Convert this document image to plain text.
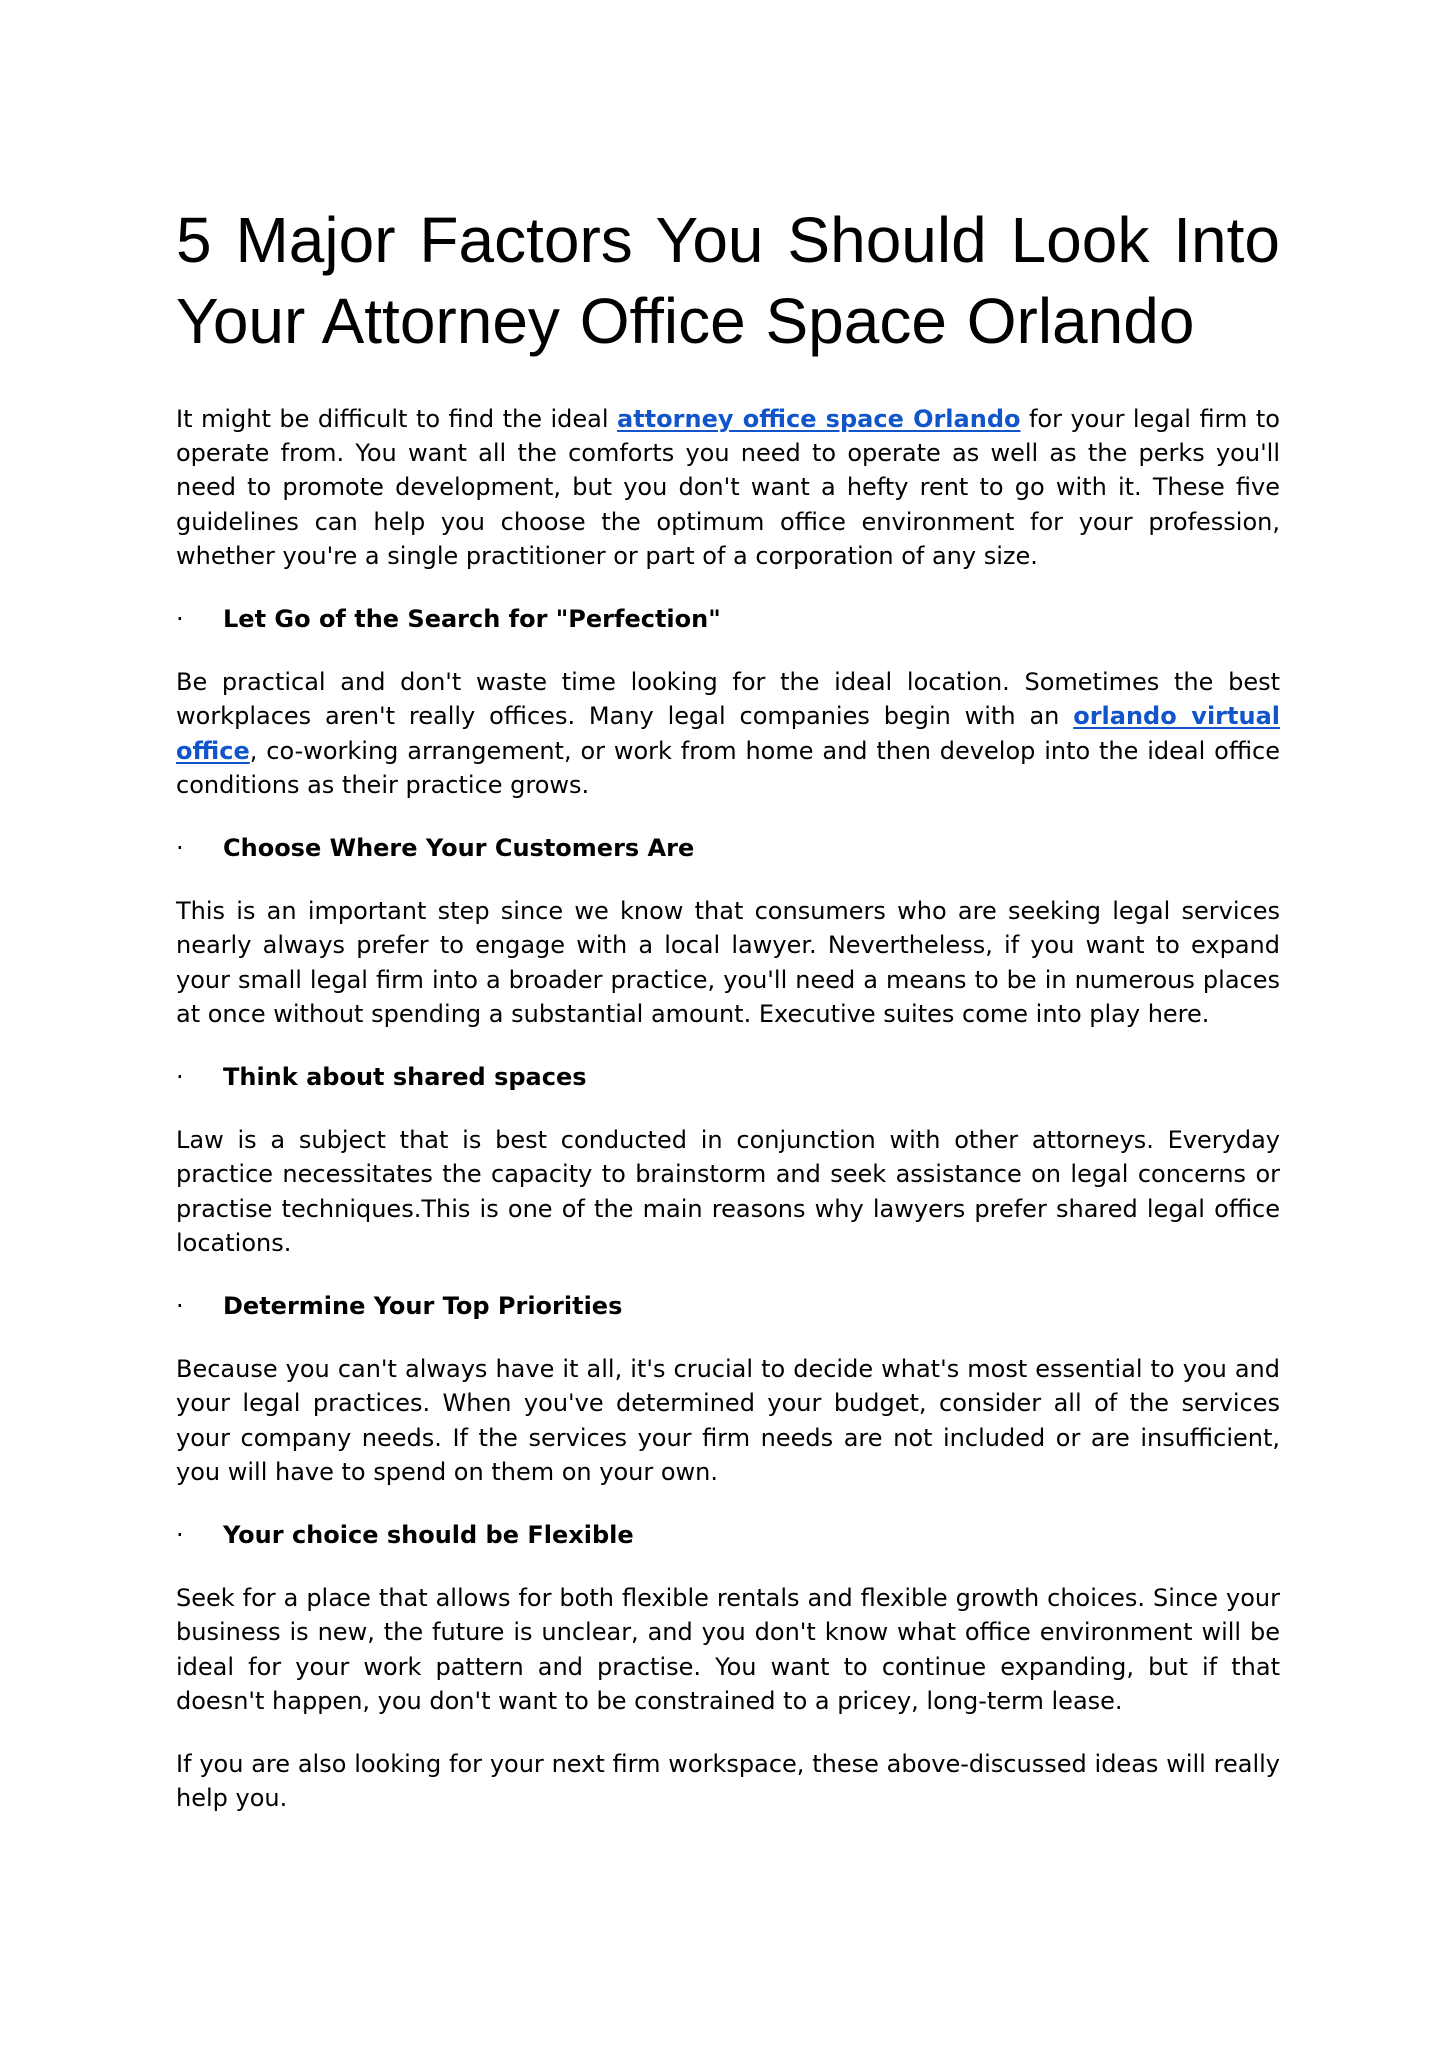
5 Major Factors You Should Look Into Your Attorney Office Space Orlando

It might be difficult to find the ideal attorney office space Orlando for your legal firm to operate from. You want all the comforts you need to operate as well as the perks you'll need to promote development, but you don't want a hefty rent to go with it. These five guidelines can help you choose the optimum office environment for your profession, whether you're a single practitioner or part of a corporation of any size.

·	Let Go of the Search for "Perfection"

Be practical and don't waste time looking for the ideal location. Sometimes the best workplaces aren't really offices. Many legal companies begin with an orlando virtual office, co-working arrangement, or work from home and then develop into the ideal office conditions as their practice grows.

·	Choose Where Your Customers Are

This is an important step since we know that consumers who are seeking legal services nearly always prefer to engage with a local lawyer. Nevertheless, if you want to expand your small legal firm into a broader practice, you'll need a means to be in numerous places at once without spending a substantial amount. Executive suites come into play here.

·	Think about shared spaces

Law is a subject that is best conducted in conjunction with other attorneys. Everyday practice necessitates the capacity to brainstorm and seek assistance on legal concerns or practise techniques.This is one of the main reasons why lawyers prefer shared legal office locations.

·	Determine Your Top Priorities

Because you can't always have it all, it's crucial to decide what's most essential to you and your legal practices. When you've determined your budget, consider all of the services your company needs. If the services your firm needs are not included or are insufficient, you will have to spend on them on your own.

·	Your choice should be Flexible

Seek for a place that allows for both flexible rentals and flexible growth choices. Since your business is new, the future is unclear, and you don't know what office environment will be ideal for your work pattern and practise. You want to continue expanding, but if that doesn't happen, you don't want to be constrained to a pricey, long-term lease.

If you are also looking for your next firm workspace, these above-discussed ideas will really help you.
